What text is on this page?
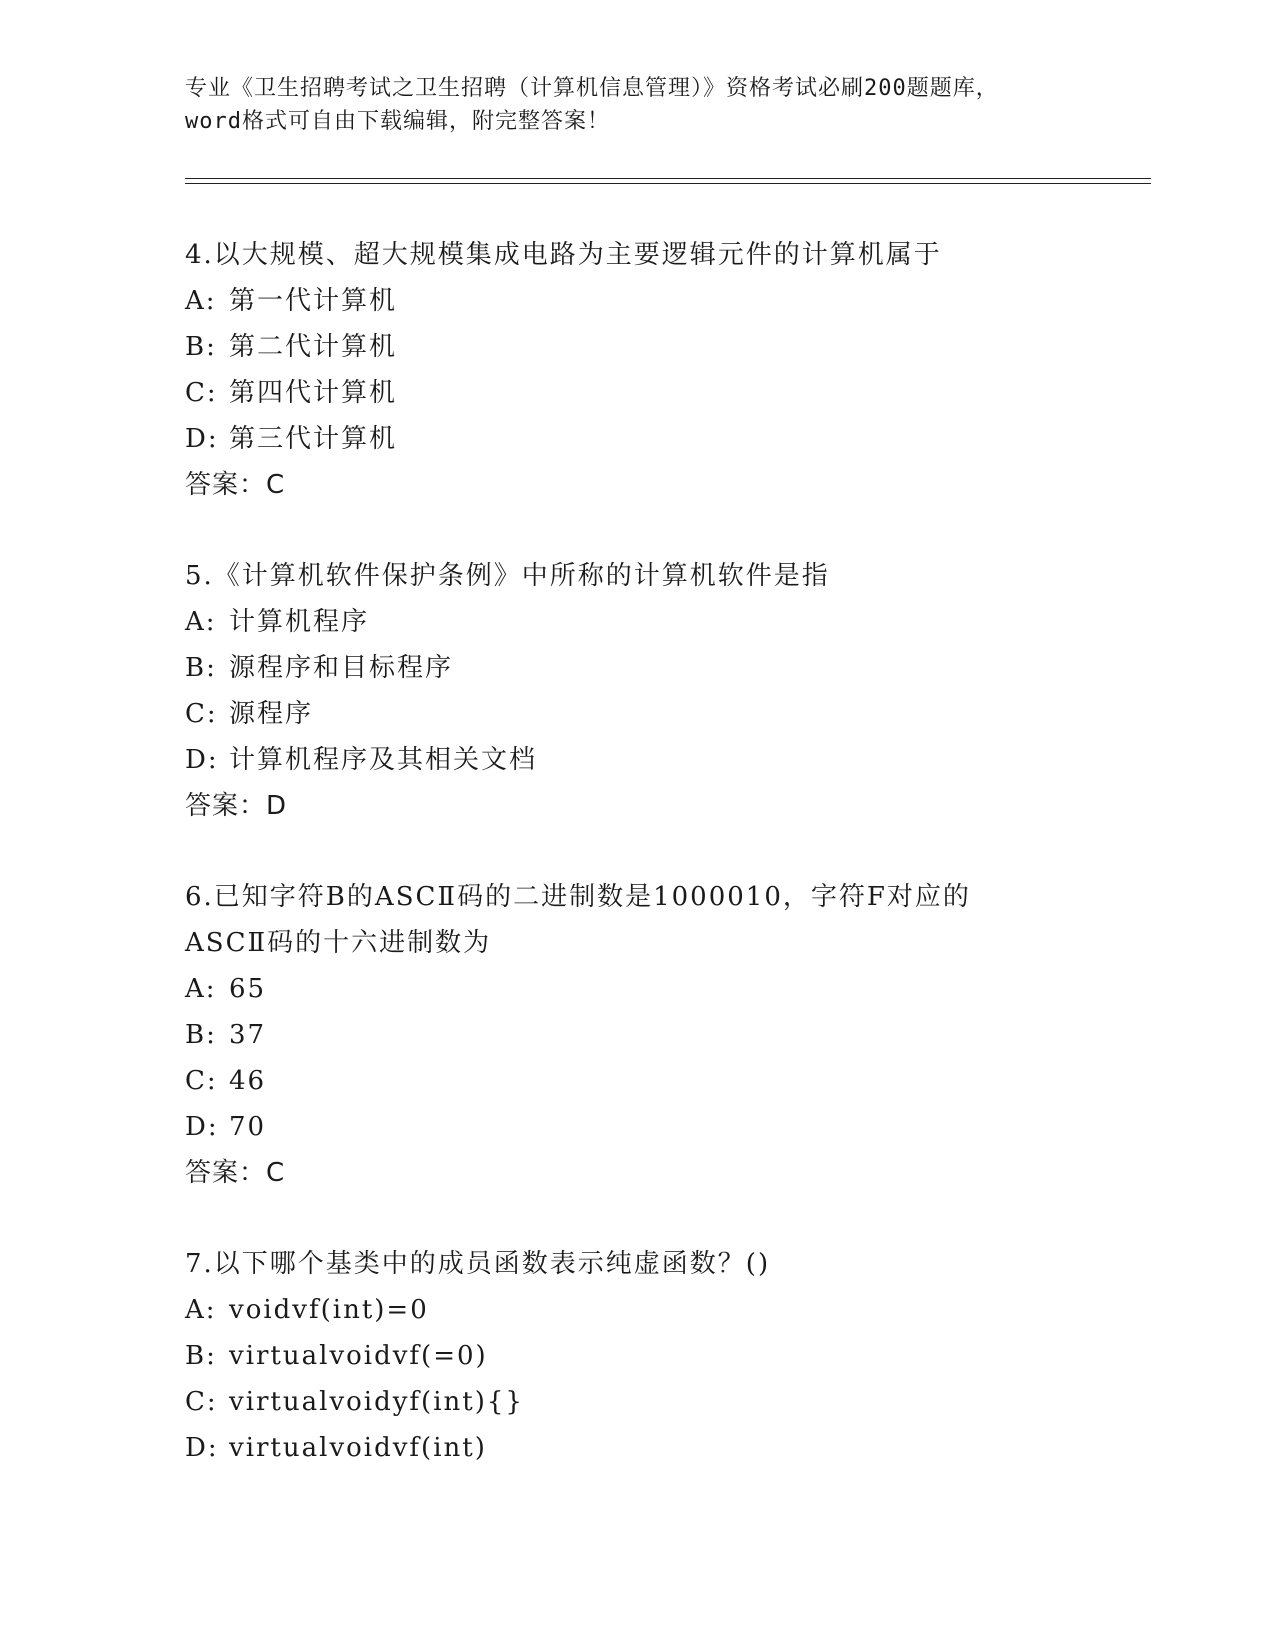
专业《卫生招聘考试之卫生招聘（计算机信息管理）》资格考试必刷200题题库，
word格式可自由下载编辑，附完整答案！
4.以大规模、超大规模集成电路为主要逻辑元件的计算机属于
A: 第一代计算机
B: 第二代计算机
C: 第四代计算机
D: 第三代计算机
答案：C
5.《计算机软件保护条例》中所称的计算机软件是指
A: 计算机程序
B: 源程序和目标程序
C: 源程序
D: 计算机程序及其相关文档
答案：D
6.已知字符B的ASCⅡ码的二进制数是1000010，字符F对应的ASCⅡ码的十六进制数为
A: 65
B: 37
C: 46
D: 70
答案：C
7.以下哪个基类中的成员函数表示纯虚函数？()
A: voidvf(int)=0
B: virtualvoidvf(=0)
C: virtualvoidyf(int){}
D: virtualvoidvf(int)
